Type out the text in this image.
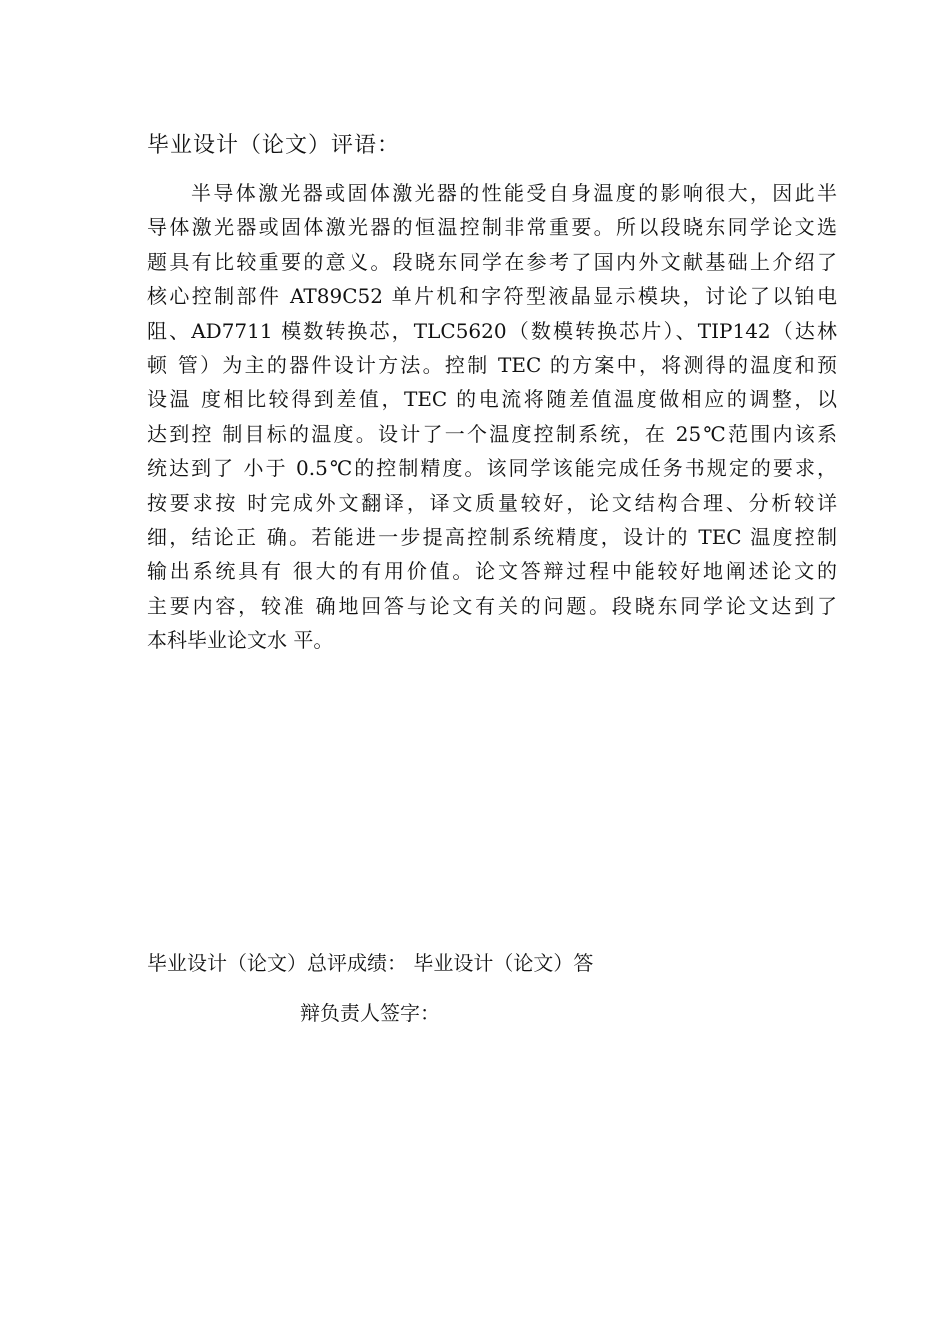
毕业设计（论文）评语：
半导体激光器或固体激光器的性能受自身温度的影响很大，因此半
导体激光器或固体激光器的恒温控制非常重要。所以段晓东同学论文选
题具有比较重要的意义。段晓东同学在参考了国内外文献基础上介绍了
核心控制部件 AT89C52 单片机和字符型液晶显示模块，讨论了以铂电
阻、AD7711 模数转换芯，TLC5620（数模转换芯片）、TIP142（达林
顿 管）为主的器件设计方法。控制 TEC 的方案中，将测得的温度和预
设温 度相比较得到差值，TEC 的电流将随差值温度做相应的调整，以
达到控 制目标的温度。设计了一个温度控制系统，在 25℃范围内该系
统达到了 小于 0.5℃的控制精度。该同学该能完成任务书规定的要求，
按要求按 时完成外文翻译，译文质量较好，论文结构合理、分析较详
细，结论正 确。若能进一步提高控制系统精度，设计的 TEC 温度控制
输出系统具有 很大的有用价值。论文答辩过程中能较好地阐述论文的
主要内容，较准 确地回答与论文有关的问题。段晓东同学论文达到了
本科毕业论文水 平。
毕业设计（论文）总评成绩： 毕业设计（论文）答
辩负责人签字：
